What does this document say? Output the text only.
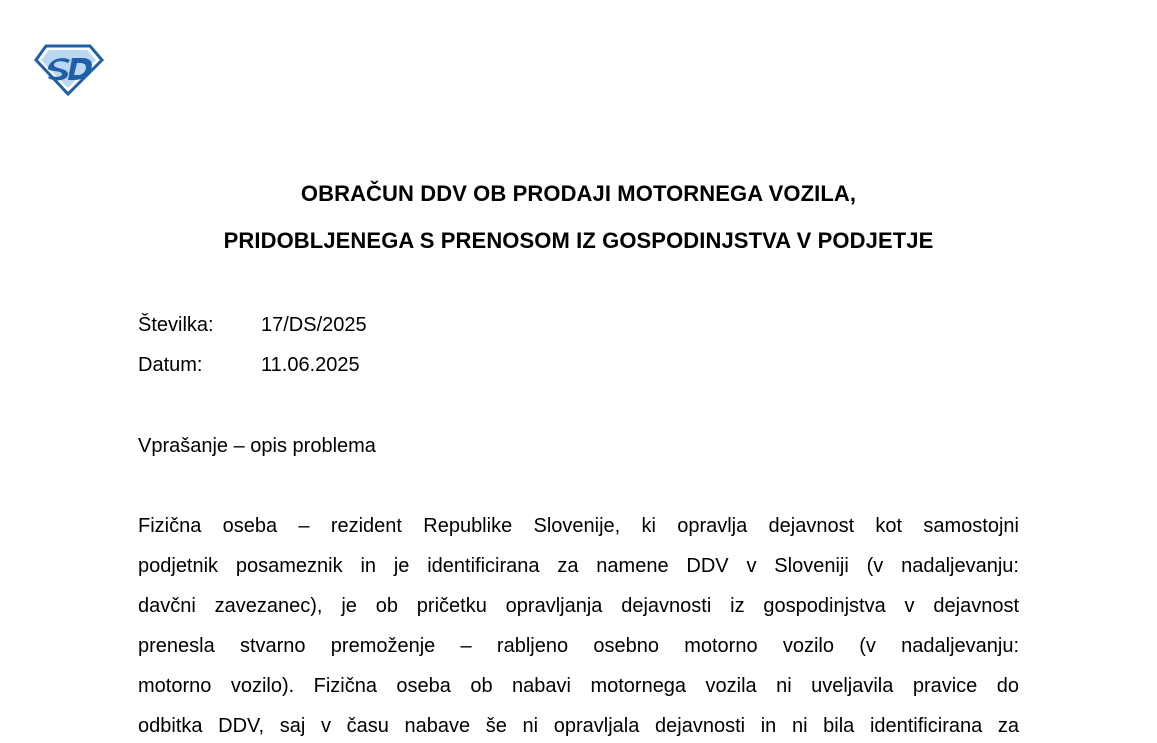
OBRAČUN DDV OB PRODAJI MOTORNEGA VOZILA,
PRIDOBLJENEGA S PRENOSOM IZ GOSPODINJSTVA V PODJETJE
Številka: 17/DS/2025
Datum:	11.06.2025
Vprašanje – opis problema
Fizična oseba – rezident Republike Slovenije, ki opravlja dejavnost kot samostojni
podjetnik posameznik in je identificirana za namene DDV v Sloveniji (v nadaljevanju:
davčni zavezanec), je ob pričetku opravljanja dejavnosti iz gospodinjstva v dejavnost
prenesla stvarno premoženje – rabljeno osebno motorno vozilo (v nadaljevanju:
motorno vozilo). Fizična oseba ob nabavi motornega vozila ni uveljavila pravice do
odbitka DDV, saj v času nabave še ni opravljala dejavnosti in ni bila identificirana za
